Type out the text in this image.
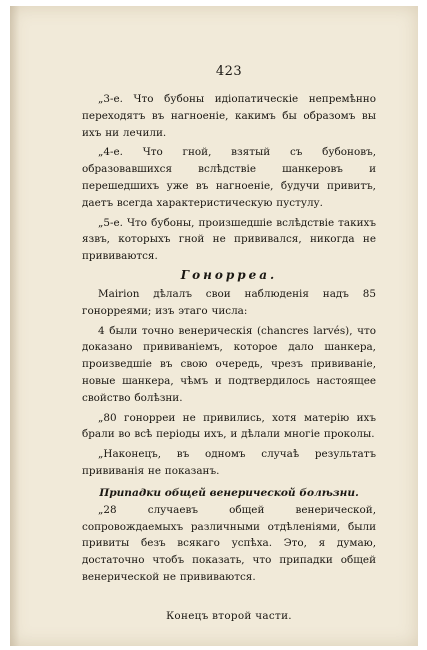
423

„3-е. Что бубоны идіопатическіе непремѣнно переходятъ въ нагноеніе, какимъ бы образомъ вы ихъ ни лечили.

„4-е. Что гной, взятый съ бубоновъ, образовавшихся вслѣдствіе шанкеровъ и перешедшихъ уже въ нагноеніе, будучи привитъ, даетъ всегда характеристическую пустулу.

„5-е. Что бубоны, произшедшіе вслѣдствіе такихъ язвъ, которыхъ гной не прививался, никогда не прививаются.

Гонорреа.

Mairion дѣлалъ свои наблюденія надъ 85 гонорреями; изъ этаго числа:

4 были точно венерическія (chancres larvés), что доказано прививаніемъ, которое дало шанкера, произведшіе въ свою очередь, чрезъ прививаніе, новые шанкера, чѣмъ и подтвердилось настоящее свойство болѣзни.

„80 гонорреи не привились, хотя матерію ихъ брали во всѣ періоды ихъ, и дѣлали многіе проколы.

„Наконецъ, въ одномъ случаѣ результатъ прививанія не показанъ.

Припадки общей венерической болѣзни.

„28 случаевъ общей венерической, сопровождаемыхъ различными отдѣленіями, были привиты безъ всякаго успѣха. Это, я думаю, достаточно чтобъ показать, что припадки общей венерической не прививаются.

Конецъ второй части.
